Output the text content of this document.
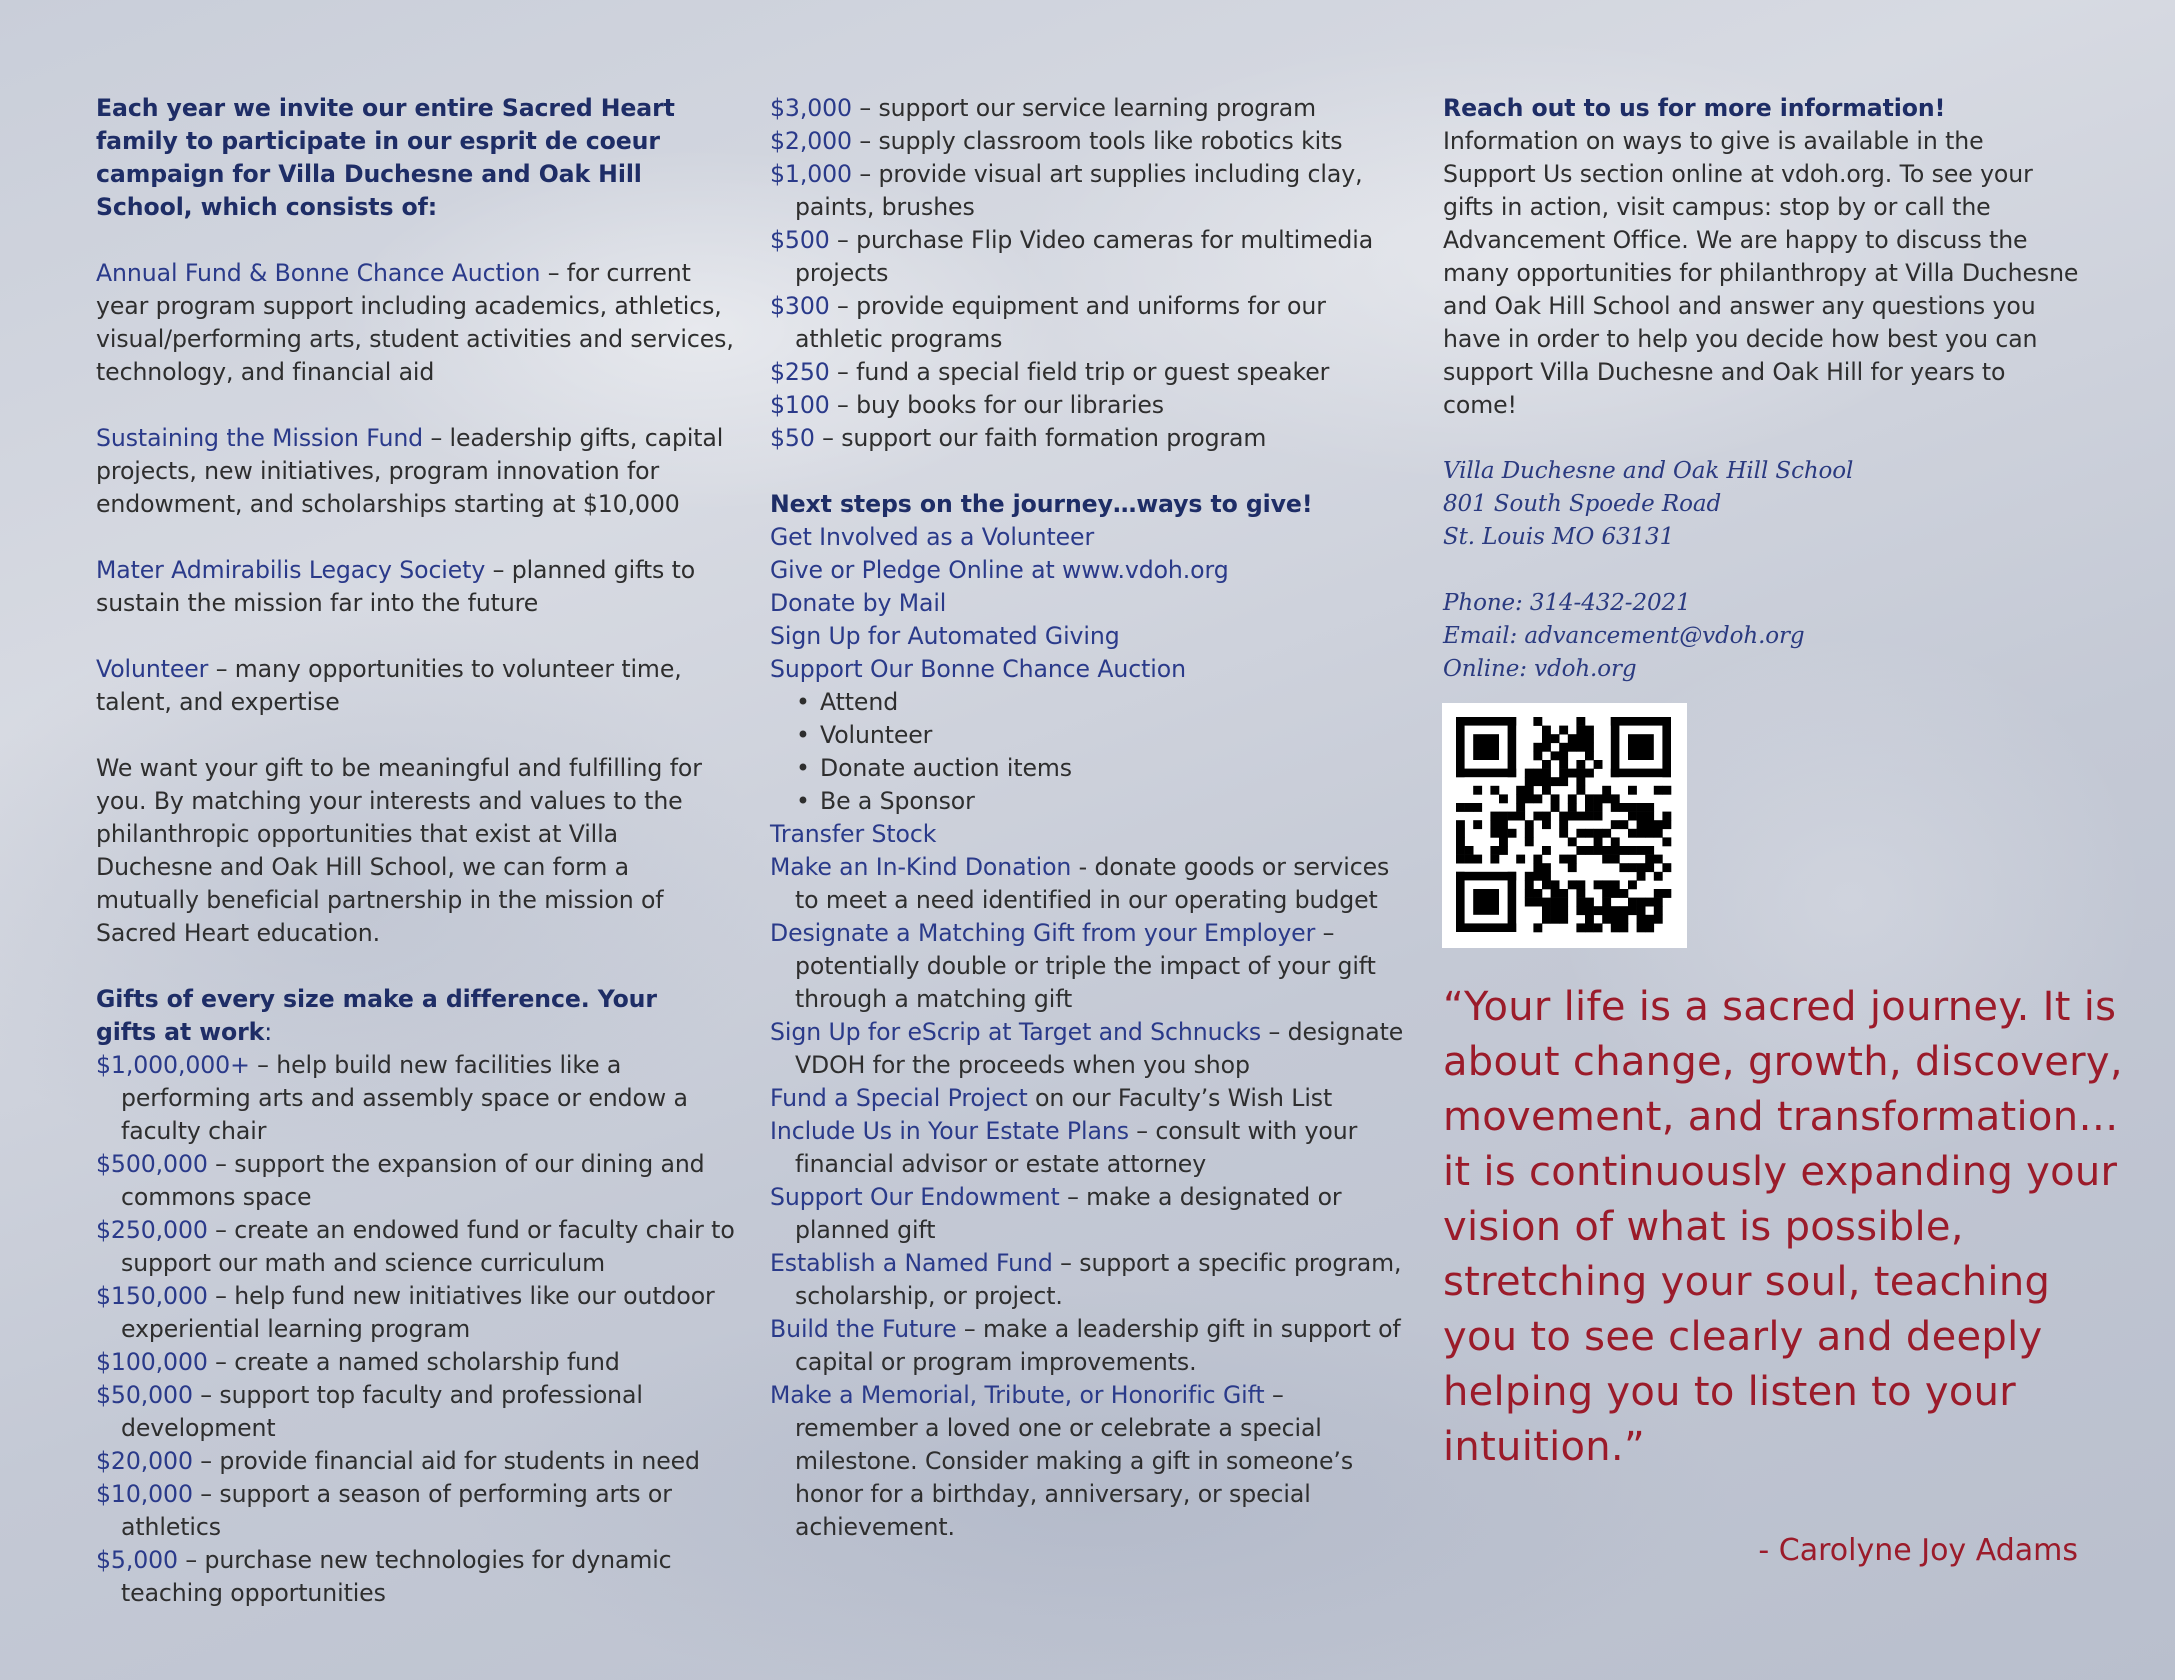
Each year we invite our entire Sacred Heart family to participate in our esprit de coeur campaign for Villa Duchesne and Oak Hill School, which consists of:

Annual Fund & Bonne Chance Auction – for current year program support including academics, athletics, visual/performing arts, student activities and services, technology, and financial aid

Sustaining the Mission Fund – leadership gifts, capital projects, new initiatives, program innovation for endowment, and scholarships starting at $10,000

Mater Admirabilis Legacy Society – planned gifts to sustain the mission far into the future

Volunteer – many opportunities to volunteer time, talent, and expertise

We want your gift to be meaningful and fulfilling for you. By matching your interests and values to the philanthropic opportunities that exist at Villa Duchesne and Oak Hill School, we can form a mutually beneficial partnership in the mission of Sacred Heart education.

Gifts of every size make a difference. Your gifts at work:

$1,000,000+ – help build new facilities like a performing arts and assembly space or endow a faculty chair

$500,000 – support the expansion of our dining and commons space

$250,000 – create an endowed fund or faculty chair to support our math and science curriculum

$150,000 – help fund new initiatives like our outdoor experiential learning program

$100,000 – create a named scholarship fund

$50,000 – support top faculty and professional development

$20,000 – provide financial aid for students in need

$10,000 – support a season of performing arts or athletics

$5,000 – purchase new technologies for dynamic teaching opportunities

$3,000 – support our service learning program

$2,000 – supply classroom tools like robotics kits

$1,000 – provide visual art supplies including clay, paints, brushes

$500 – purchase Flip Video cameras for multimedia projects

$300 – provide equipment and uniforms for our athletic programs

$250 – fund a special field trip or guest speaker

$100 – buy books for our libraries

$50 – support our faith formation program

Next steps on the journey…ways to give!

Get Involved as a Volunteer

Give or Pledge Online at www.vdoh.org

Donate by Mail

Sign Up for Automated Giving

Support Our Bonne Chance Auction

• Attend

• Volunteer

• Donate auction items

• Be a Sponsor

Transfer Stock

Make an In-Kind Donation - donate goods or services to meet a need identified in our operating budget

Designate a Matching Gift from your Employer – potentially double or triple the impact of your gift through a matching gift

Sign Up for eScrip at Target and Schnucks – designate VDOH for the proceeds when you shop

Fund a Special Project on our Faculty’s Wish List

Include Us in Your Estate Plans – consult with your financial advisor or estate attorney

Support Our Endowment – make a designated or planned gift

Establish a Named Fund – support a specific program, scholarship, or project.

Build the Future – make a leadership gift in support of capital or program improvements.

Make a Memorial, Tribute, or Honorific Gift – remember a loved one or celebrate a special milestone. Consider making a gift in someone’s honor for a birthday, anniversary, or special achievement.

Reach out to us for more information!

Information on ways to give is available in the Support Us section online at vdoh.org. To see your gifts in action, visit campus: stop by or call the Advancement Office. We are happy to discuss the many opportunities for philanthropy at Villa Duchesne and Oak Hill School and answer any questions you have in order to help you decide how best you can support Villa Duchesne and Oak Hill for years to come!

Villa Duchesne and Oak Hill School

801 South Spoede Road

St. Louis MO 63131

Phone: 314-432-2021

Email: advancement@vdoh.org

Online: vdoh.org

“Your life is a sacred journey. It is about change, growth, discovery, movement, and transformation…it is continuously expanding your vision of what is possible, stretching your soul, teaching you to see clearly and deeply helping you to listen to your intuition.”
- Carolyne Joy Adams
